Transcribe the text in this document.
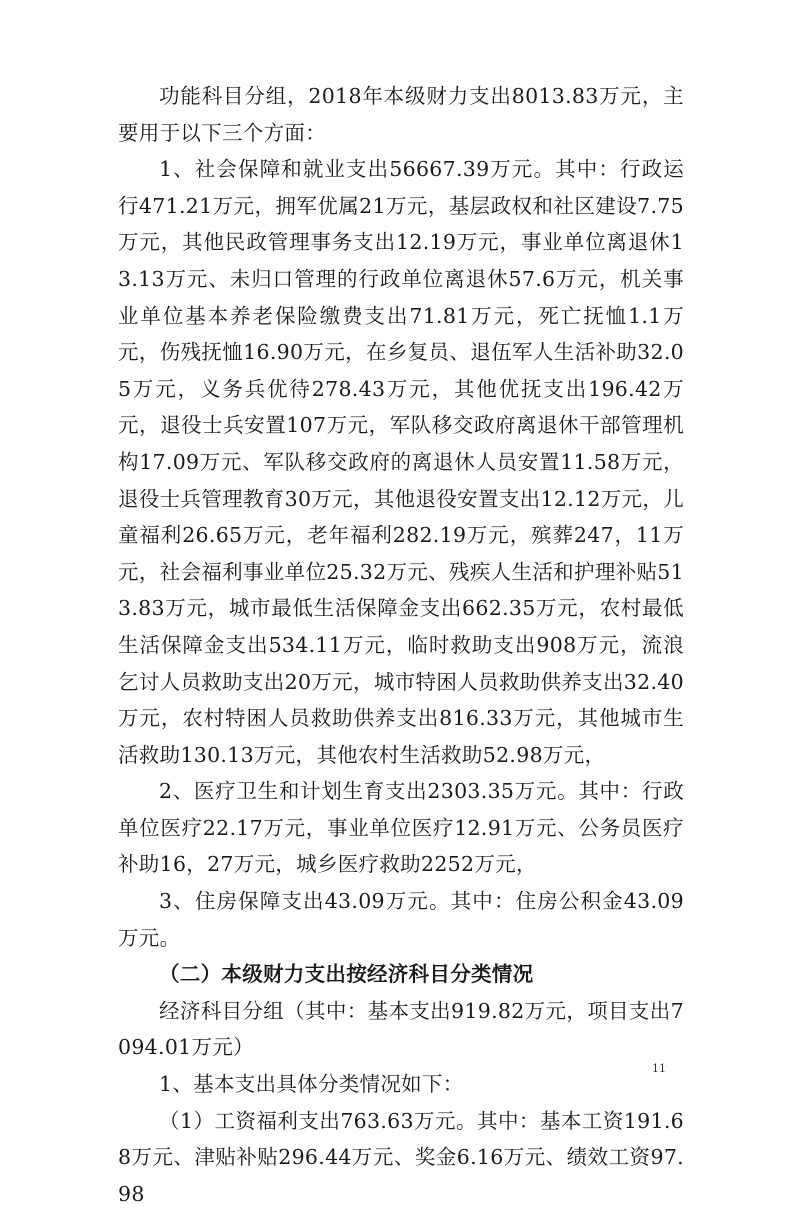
功能科目分组，2018年本级财力支出8013.83万元，主要用于以下三个方面：

1、社会保障和就业支出56667.39万元。其中：行政运行471.21万元，拥军优属21万元，基层政权和社区建设7.75万元，其他民政管理事务支出12.19万元，事业单位离退休13.13万元、未归口管理的行政单位离退休57.6万元，机关事业单位基本养老保险缴费支出71.81万元，死亡抚恤1.1万元，伤残抚恤16.90万元，在乡复员、退伍军人生活补助32.05万元，义务兵优待278.43万元，其他优抚支出196.42万元，退役士兵安置107万元，军队移交政府离退休干部管理机构17.09万元、军队移交政府的离退休人员安置11.58万元，退役士兵管理教育30万元，其他退役安置支出12.12万元，儿童福利26.65万元，老年福利282.19万元，殡葬247，11万元，社会福利事业单位25.32万元、残疾人生活和护理补贴513.83万元，城市最低生活保障金支出662.35万元，农村最低生活保障金支出534.11万元，临时救助支出908万元，流浪乞讨人员救助支出20万元，城市特困人员救助供养支出32.40万元，农村特困人员救助供养支出816.33万元，其他城市生活救助130.13万元，其他农村生活救助52.98万元，

2、医疗卫生和计划生育支出2303.35万元。其中：行政单位医疗22.17万元，事业单位医疗12.91万元、公务员医疗补助16，27万元，城乡医疗救助2252万元，

3、住房保障支出43.09万元。其中：住房公积金43.09万元。

（二）本级财力支出按经济科目分类情况

经济科目分组（其中：基本支出919.82万元，项目支出7094.01万元）

1、基本支出具体分类情况如下：

（1）工资福利支出763.63万元。其中：基本工资191.68万元、津贴补贴296.44万元、奖金6.16万元、绩效工资97.98

11
